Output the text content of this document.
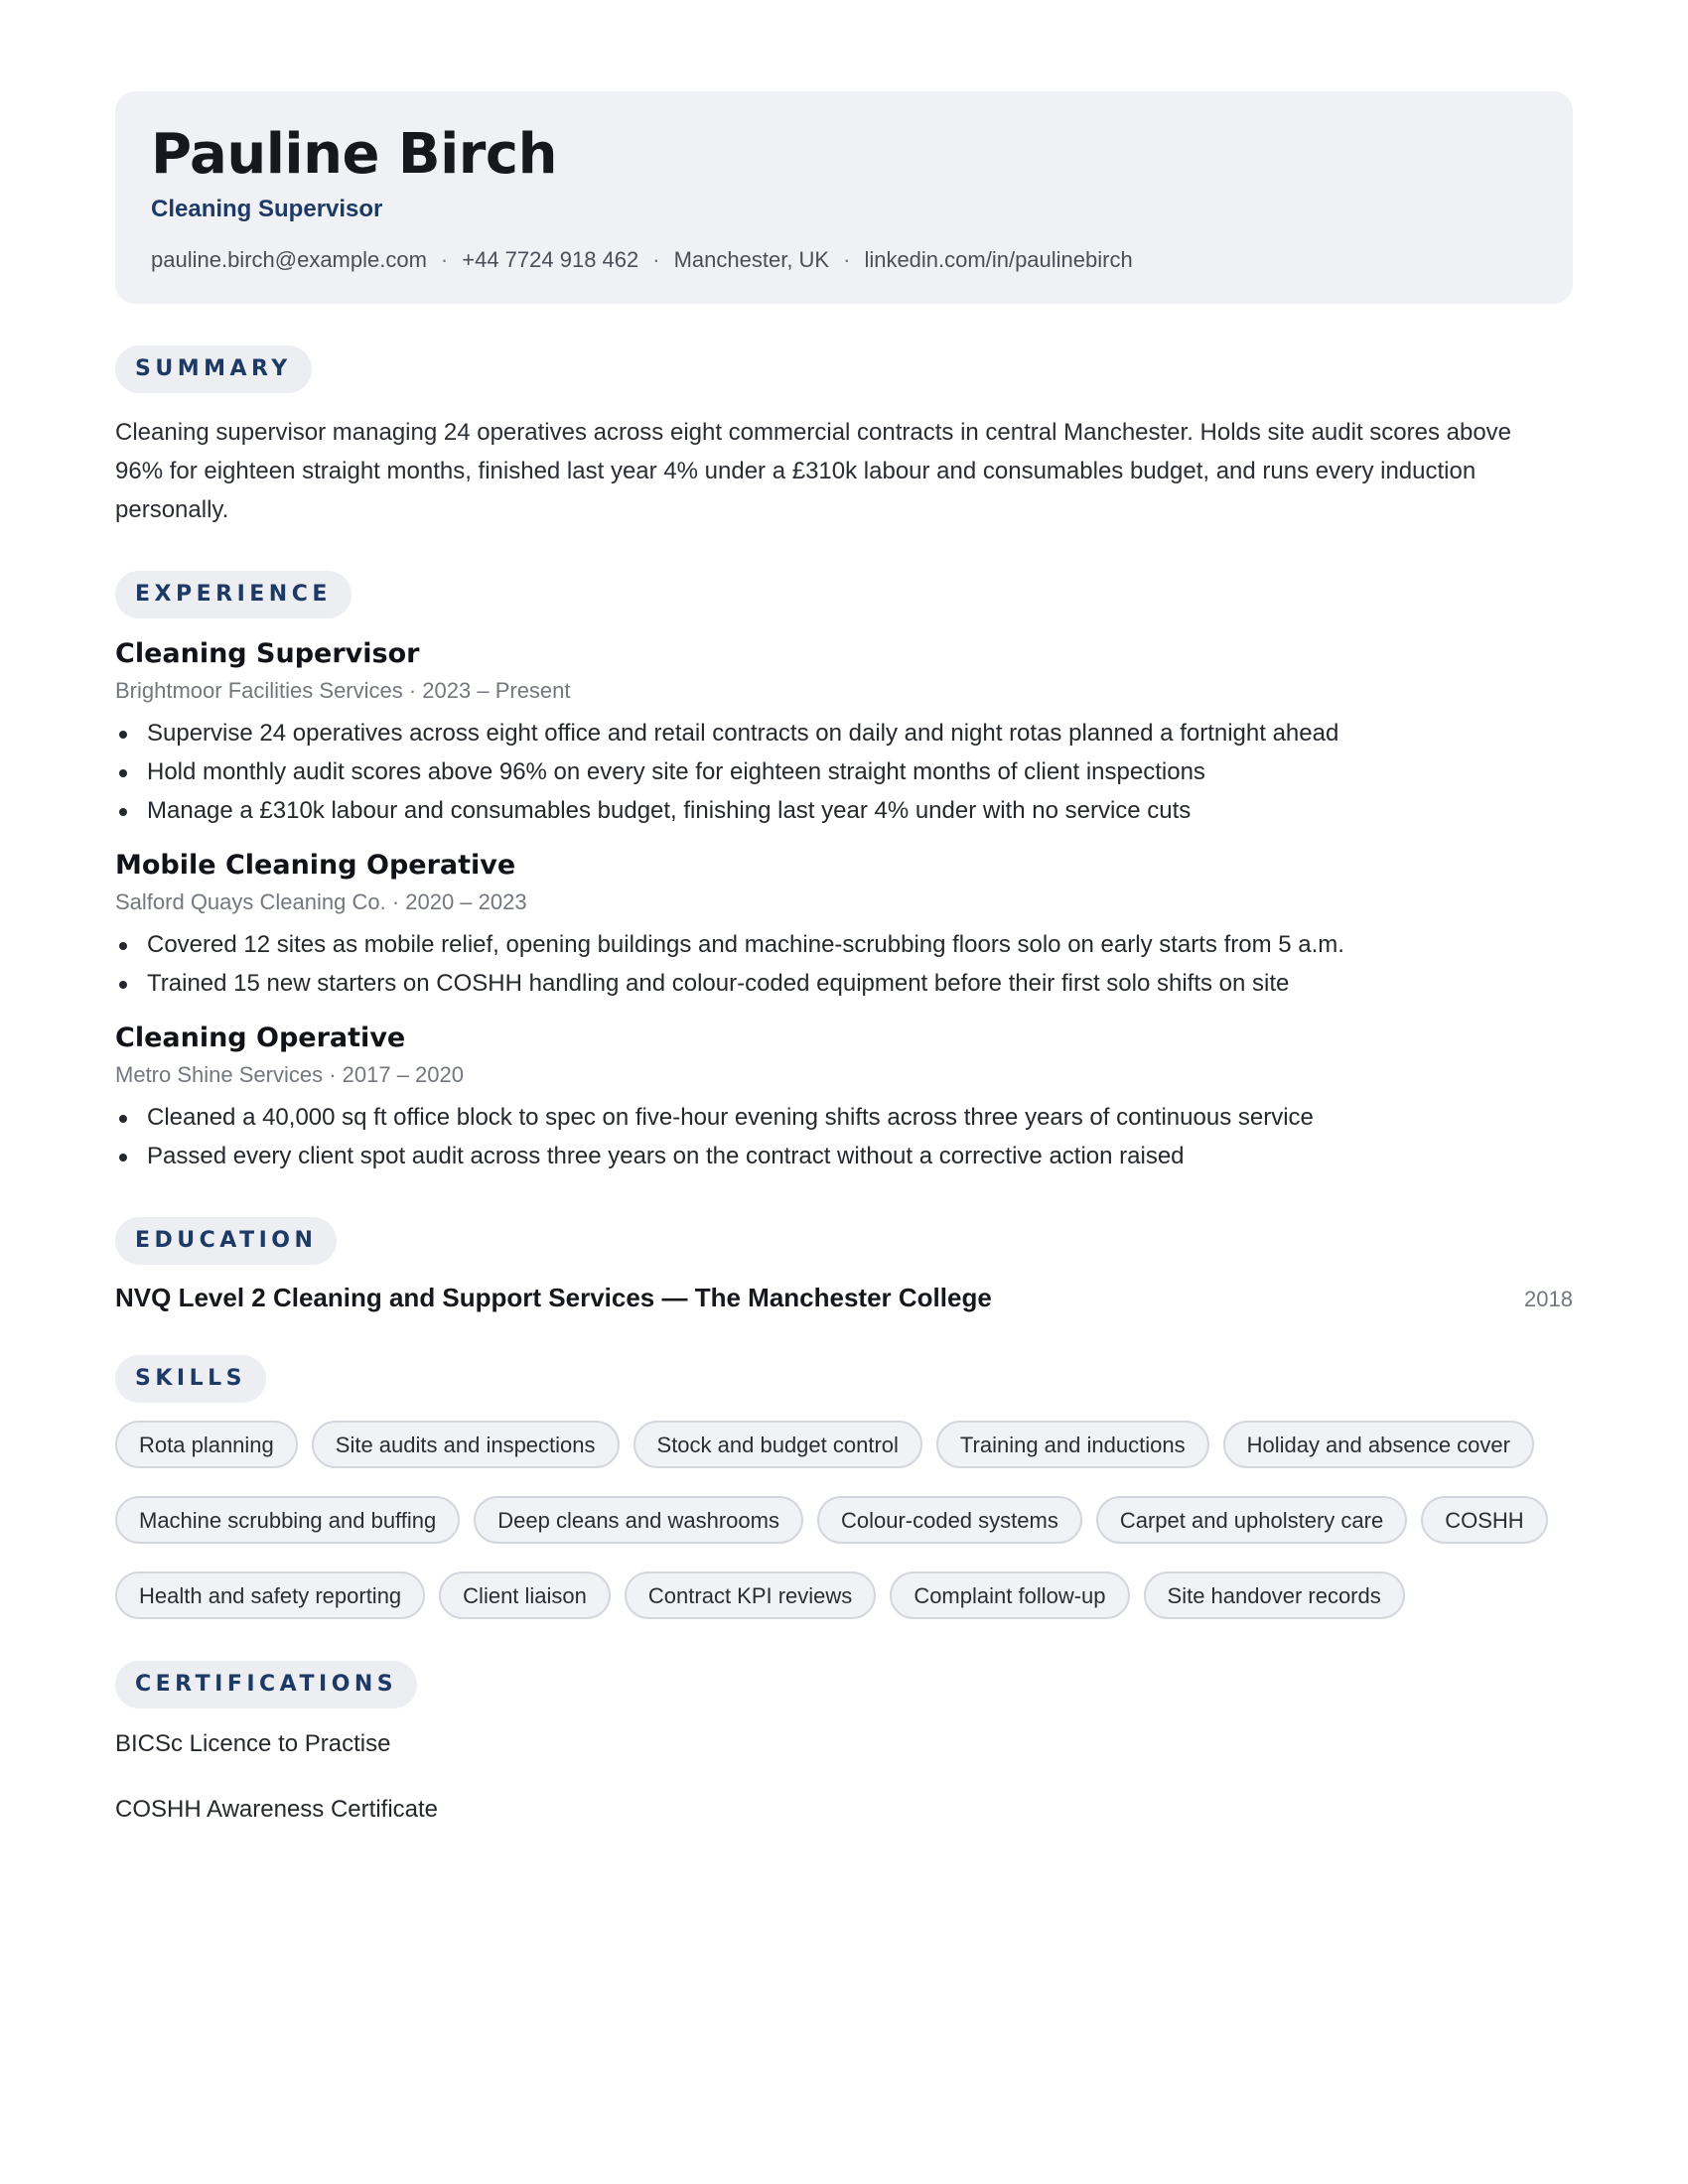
Pauline Birch
Cleaning Supervisor
pauline.birch@example.com · +44 7724 918 462 · Manchester, UK · linkedin.com/in/paulinebirch
SUMMARY
Cleaning supervisor managing 24 operatives across eight commercial contracts in central Manchester. Holds site audit scores above 96% for eighteen straight months, finished last year 4% under a £310k labour and consumables budget, and runs every induction personally.
EXPERIENCE
Cleaning Supervisor
Brightmoor Facilities Services · 2023 – Present
Supervise 24 operatives across eight office and retail contracts on daily and night rotas planned a fortnight ahead
Hold monthly audit scores above 96% on every site for eighteen straight months of client inspections
Manage a £310k labour and consumables budget, finishing last year 4% under with no service cuts
Mobile Cleaning Operative
Salford Quays Cleaning Co. · 2020 – 2023
Covered 12 sites as mobile relief, opening buildings and machine-scrubbing floors solo on early starts from 5 a.m.
Trained 15 new starters on COSHH handling and colour-coded equipment before their first solo shifts on site
Cleaning Operative
Metro Shine Services · 2017 – 2020
Cleaned a 40,000 sq ft office block to spec on five-hour evening shifts across three years of continuous service
Passed every client spot audit across three years on the contract without a corrective action raised
EDUCATION
NVQ Level 2 Cleaning and Support Services — The Manchester College	2018
SKILLS
Rota planning	Site audits and inspections	Stock and budget control	Training and inductions	Holiday and absence cover
Machine scrubbing and buffing	Deep cleans and washrooms	Colour-coded systems	Carpet and upholstery care	COSHH
Health and safety reporting	Client liaison	Contract KPI reviews	Complaint follow-up	Site handover records
CERTIFICATIONS
BICSc Licence to Practise
COSHH Awareness Certificate
